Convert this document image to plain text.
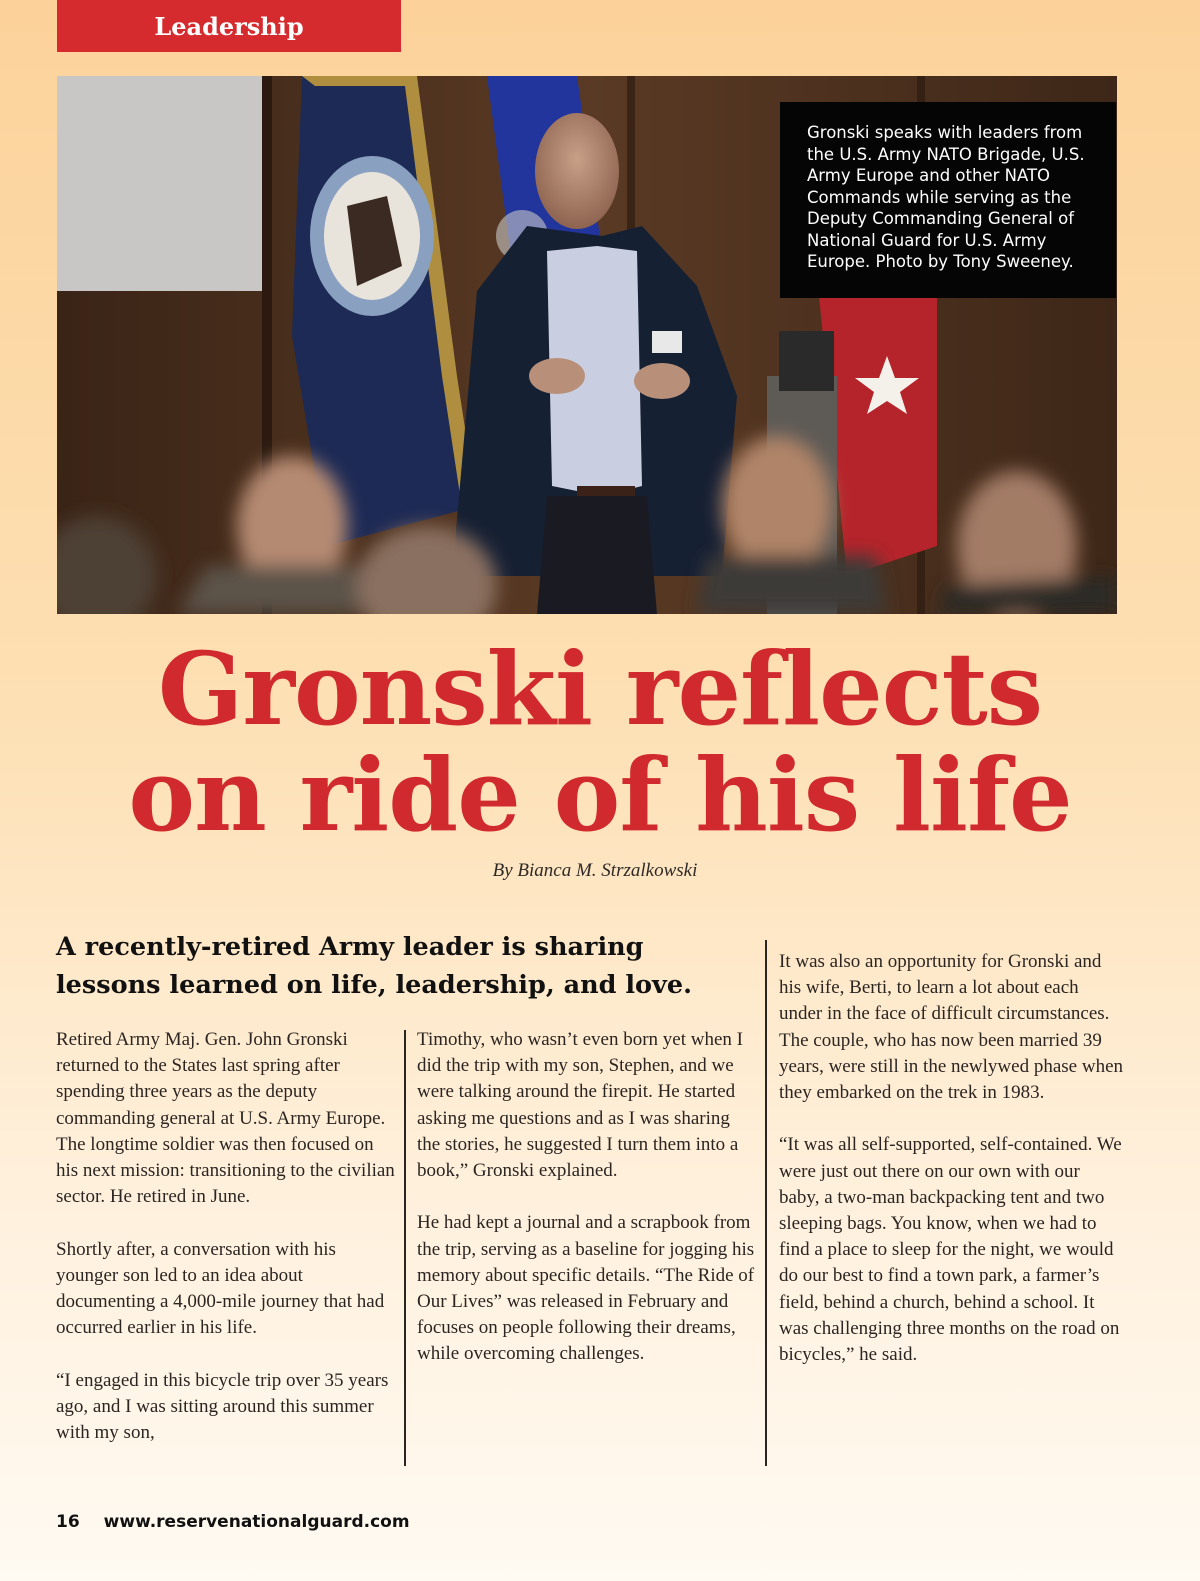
Leadership
Gronski speaks with leaders from the U.S. Army NATO Brigade, U.S. Army Europe and other NATO Commands while serving as the Deputy Commanding General of National Guard for U.S. Army Europe. Photo by Tony Sweeney.
Gronski reflects
on ride of his life
By Bianca M. Strzalkowski
A recently-retired Army leader is sharing lessons learned on life, leadership, and love.

Retired Army Maj. Gen. John Gronski returned to the States last spring after spending three years as the deputy commanding general at U.S. Army Europe. The longtime soldier was then focused on his next mission: transitioning to the civilian sector. He retired in June.

Shortly after, a conversation with his younger son led to an idea about documenting a 4,000-mile journey that had occurred earlier in his life.

“I engaged in this bicycle trip over 35 years ago, and I was sitting around this summer with my son,

Timothy, who wasn’t even born yet when I did the trip with my son, Stephen, and we were talking around the firepit. He started asking me questions and as I was sharing the stories, he suggested I turn them into a book,” Gronski explained.

He had kept a journal and a scrapbook from the trip, serving as a baseline for jogging his memory about specific details. “The Ride of Our Lives” was released in February and focuses on people following their dreams, while overcoming challenges.

It was also an opportunity for Gronski and his wife, Berti, to learn a lot about each under in the face of difficult circumstances. The couple, who has now been married 39 years, were still in the newlywed phase when they embarked on the trek in 1983.

“It was all self-supported, self-contained. We were just out there on our own with our baby, a two-man backpacking tent and two sleeping bags. You know, when we had to find a place to sleep for the night, we would do our best to find a town park, a farmer’s field, behind a church, behind a school. It was challenging three months on the road on bicycles,” he said.

16 www.reservenationalguard.com
